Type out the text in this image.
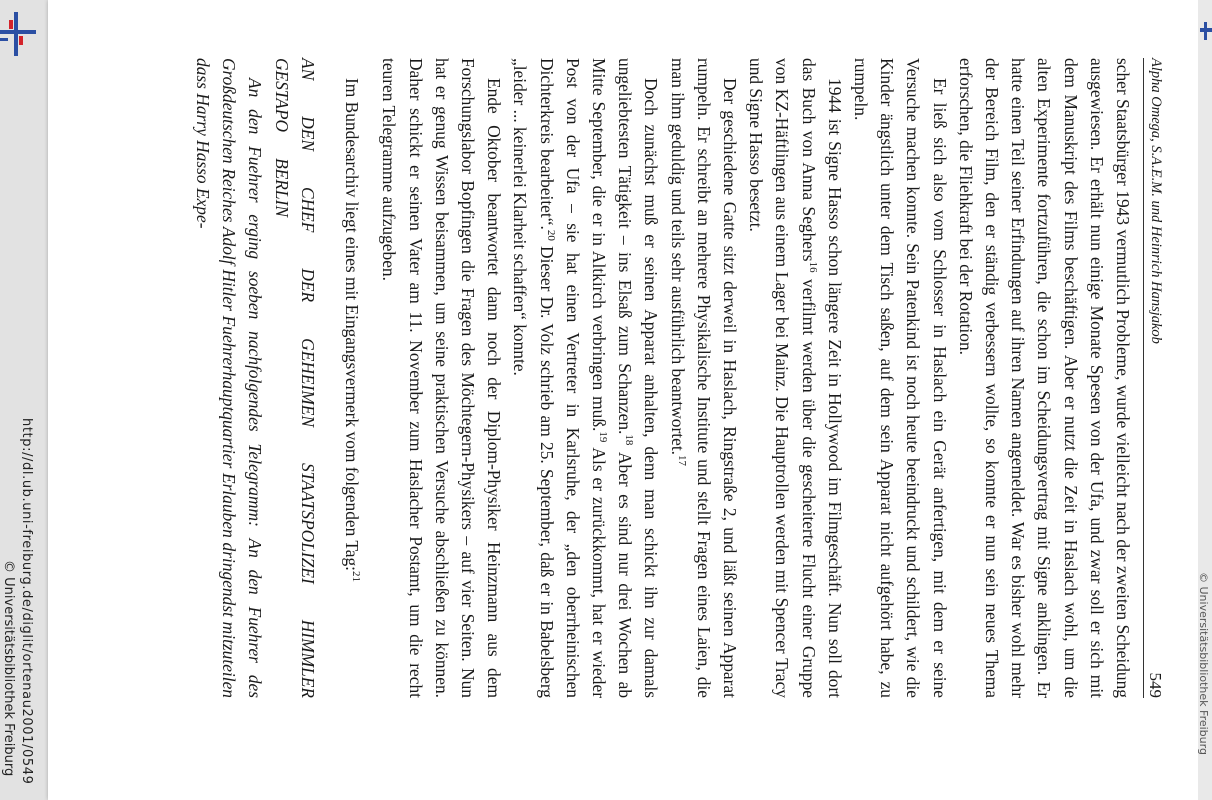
http://dl.ub.uni-freiburg.de/diglit/ortenau2001/0549
© Universitätsbibliothek Freiburg
Alpha Omega, S.A.E.M. und Heinrich Hansjakob
549

scher Staatsbürger 1943 vermutlich Probleme, wurde vielleicht nach der zweiten Scheidung ausgewiesen. Er erhält nun einige Monate Spesen von der Ufa, und zwar soll er sich mit dem Manuskript des Films beschäftigen. Aber er nutzt die Zeit in Haslach wohl, um die alten Experimente fortzuführen, die schon im Scheidungsvertrag mit Signe anklingen. Er hatte einen Teil seiner Erfindungen auf ihren Namen angemeldet. War es bisher wohl mehr der Bereich Film, den er ständig verbessern wollte, so konnte er nun sein neues Thema erforschen, die Fliehkraft bei der Rotation.

Er ließ sich also vom Schlosser in Haslach ein Gerät anfertigen, mit dem er seine Versuche machen konnte. Sein Patenkind ist noch heute beeindruckt und schildert, wie die Kinder ängstlich unter dem Tisch saßen, auf dem sein Apparat nicht aufgehört habe, zu rumpeln.

1944 ist Signe Hasso schon längere Zeit in Hollywood im Filmgeschäft. Nun soll dort das Buch von Anna Seghers$^{16}$ verfilmt werden über die gescheiterte Flucht einer Gruppe von KZ-Häftlingen aus einem Lager bei Mainz. Die Hauptrollen werden mit Spencer Tracy und Signe Hasso besetzt.

Der geschiedene Gatte sitzt derweil in Haslach, Ringstraße 2, und läßt seinen Apparat rumpeln. Er schreibt an mehrere Physikalische Institute und stellt Fragen eines Laien, die man ihm geduldig und teils sehr ausführlich beantwortet.$^{17}$

Doch zunächst muß er seinen Apparat anhalten, denn man schickt ihn zur damals ungeliebtesten Tätigkeit – ins Elsaß zum Schanzen.$^{18}$ Aber es sind nur drei Wochen ab Mitte September, die er in Altkirch verbringen muß.$^{19}$ Als er zurückkommt, hat er wieder Post von der Ufa – sie hat einen Vertreter in Karlsruhe, der „den oberrheinischen Dichterkreis bearbeitet“.$^{20}$ Dieser Dr. Volz schrieb am 25. September, daß er in Babelsberg „leider ... keinerlei Klarheit schaffen“ konnte.

Ende Oktober beantwortet dann noch der Diplom-Physiker Heinzmann aus dem Forschungslabor Bopfingen die Fragen des Möchtegern-Physikers – auf vier Seiten. Nun hat er genug Wissen beisammen, um seine praktischen Versuche abschließen zu können. Daher schickt er seinen Vater am 11. November zum Haslacher Postamt, um die recht teuren Telegramme aufzugeben.

Im Bundesarchiv liegt eines mit Eingangsvermerk vom folgenden Tag:$^{21}$

AN DEN CHEF DER GEHEIMEN STAATSPOLIZEI HIMMLER

GESTAPOBERLIN

An den Fuehrer erging soeben nachfolgendes Telegramm: An den Fuehrer des Großdeutschen Reiches Adolf Hitler Fuehrerhauptquartier Erlauben dringendst mitzuteilen dass Harry Hasso Expe-

© Universitätsbibliothek Freiburg
